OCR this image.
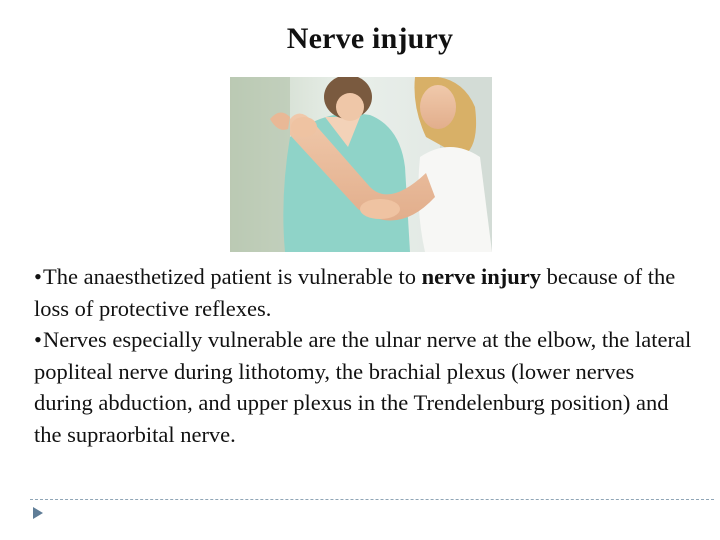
Nerve injury

•The anaesthetized patient is vulnerable to nerve injury because of the loss of protective reflexes.

•Nerves especially vulnerable are the ulnar nerve at the elbow, the lateral popliteal nerve during lithotomy, the brachial plexus (lower nerves during abduction, and upper plexus in the Trendelenburg position) and the supraorbital nerve.
